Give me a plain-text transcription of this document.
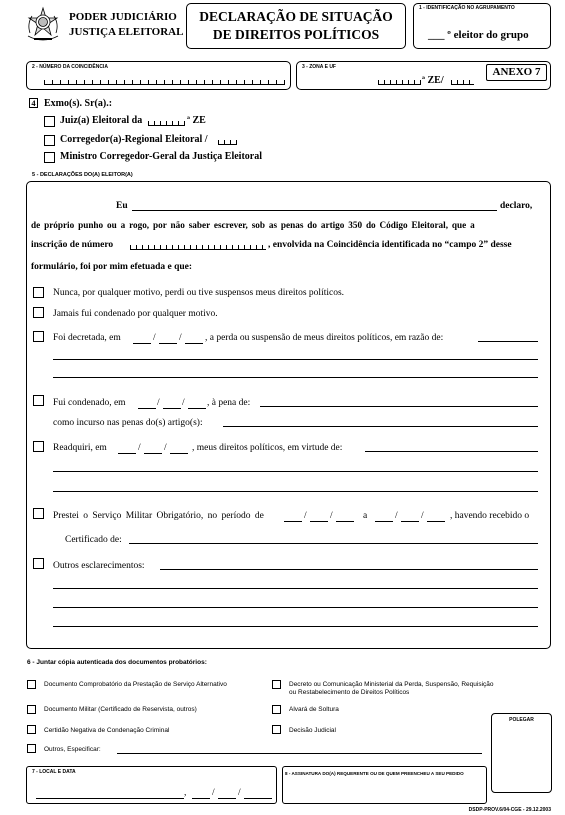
PODER JUDICIÁRIO
JUSTIÇA ELEITORAL
DECLARAÇÃO DE SITUAÇÃO
DE DIREITOS POLÍTICOS
1 - IDENTIFICAÇÃO NO AGRUPAMENTO
___ º eleitor do grupo
2 - NÚMERO DA COINCIDÊNCIA	3 - ZONA E UF
ª ZE/
ANEXO 7
4 Exmo(s). Sr(a).:
Juiz(a) Eleitoral da	ª ZE
Corregedor(a)-Regional Eleitoral /
Ministro Corregedor-Geral da Justiça Eleitoral
5 - DECLARAÇÕES DO(A) ELEITOR(A)
Eu	declaro,
de próprio punho ou a rogo, por não saber escrever, sob as penas do artigo 350 do Código Eleitoral, que a
inscrição de número	, envolvida na Coincidência identificada no “campo 2” desse
formulário, foi por mim efetuada e que:
Nunca, por qualquer motivo, perdi ou tive suspensos meus direitos políticos.
Jamais fui condenado por qualquer motivo.
Foi decretada, em	/ / , a perda ou suspensão de meus direitos políticos, em razão de:
Fui condenado, em	/ / , à pena de:
como incurso nas penas do(s) artigo(s):
Readquiri, em	/ /	, meus direitos políticos, em virtude de:
Prestei o Serviço Militar Obrigatório, no período de	/ /	a	/ /	, havendo recebido o
Certificado de:
Outros esclarecimentos:
6 - Juntar cópia autenticada dos documentos probatórios:
Documento Comprobatório da Prestação de Serviço Alternativo
Documento Militar (Certificado de Reservista, outros)
Certidão Negativa de Condenação Criminal
Outros, Especificar:
Decreto ou Comunicação Ministerial da Perda, Suspensão, Requisição ou Restabelecimento de Direitos Políticos
Alvará de Soltura
Decisão Judicial
POLEGAR
7 - LOCAL E DATA
,	/ /
8 - ASSINATURA DO(A) REQUERENTE OU DE QUEM PREENCHEU A SEU PEDIDO
DSDP-PROV.6/04-CGE - 29.12.2003
